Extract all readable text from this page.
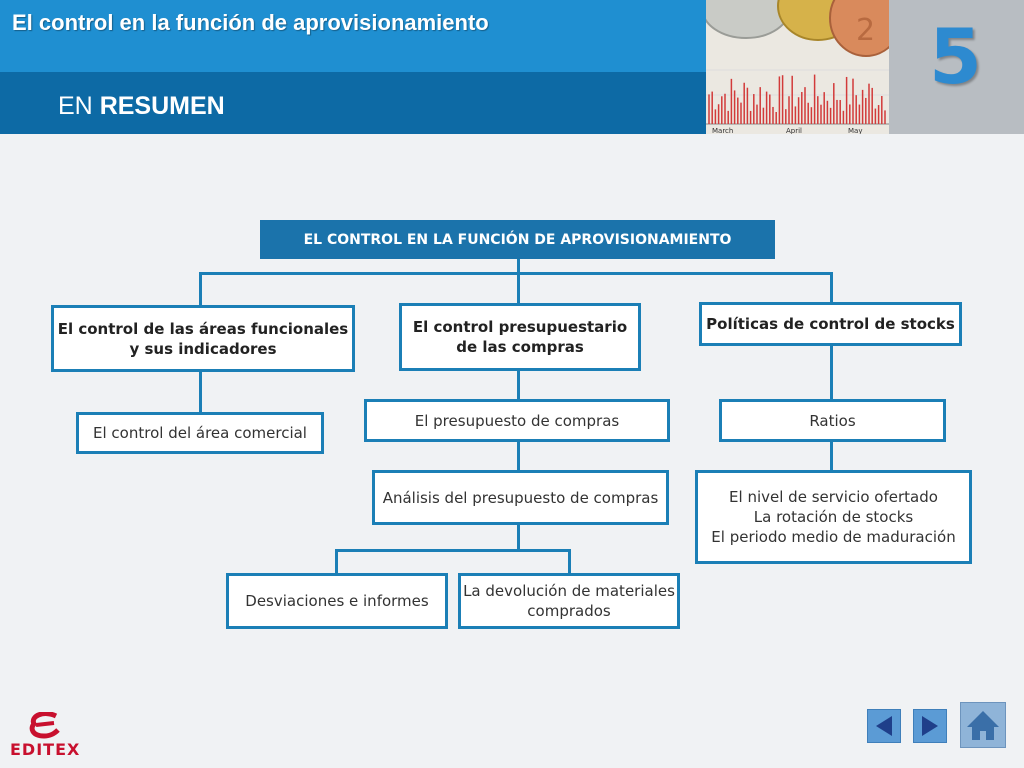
El control en la función de aprovisionamiento
EN RESUMEN
2
March	April	May
5
EL CONTROL EN LA FUNCIÓN DE APROVISIONAMIENTO
El control de las áreas funcionales
y sus indicadores
El control presupuestario
de las compras
Políticas de control de stocks
El control del área comercial
El presupuesto de compras	Ratios
Análisis del presupuesto de compras	El nivel de servicio ofertado
La rotación de stocks
El periodo medio de maduración
Desviaciones e informes
La devolución de materiales
comprados
EDITEX
